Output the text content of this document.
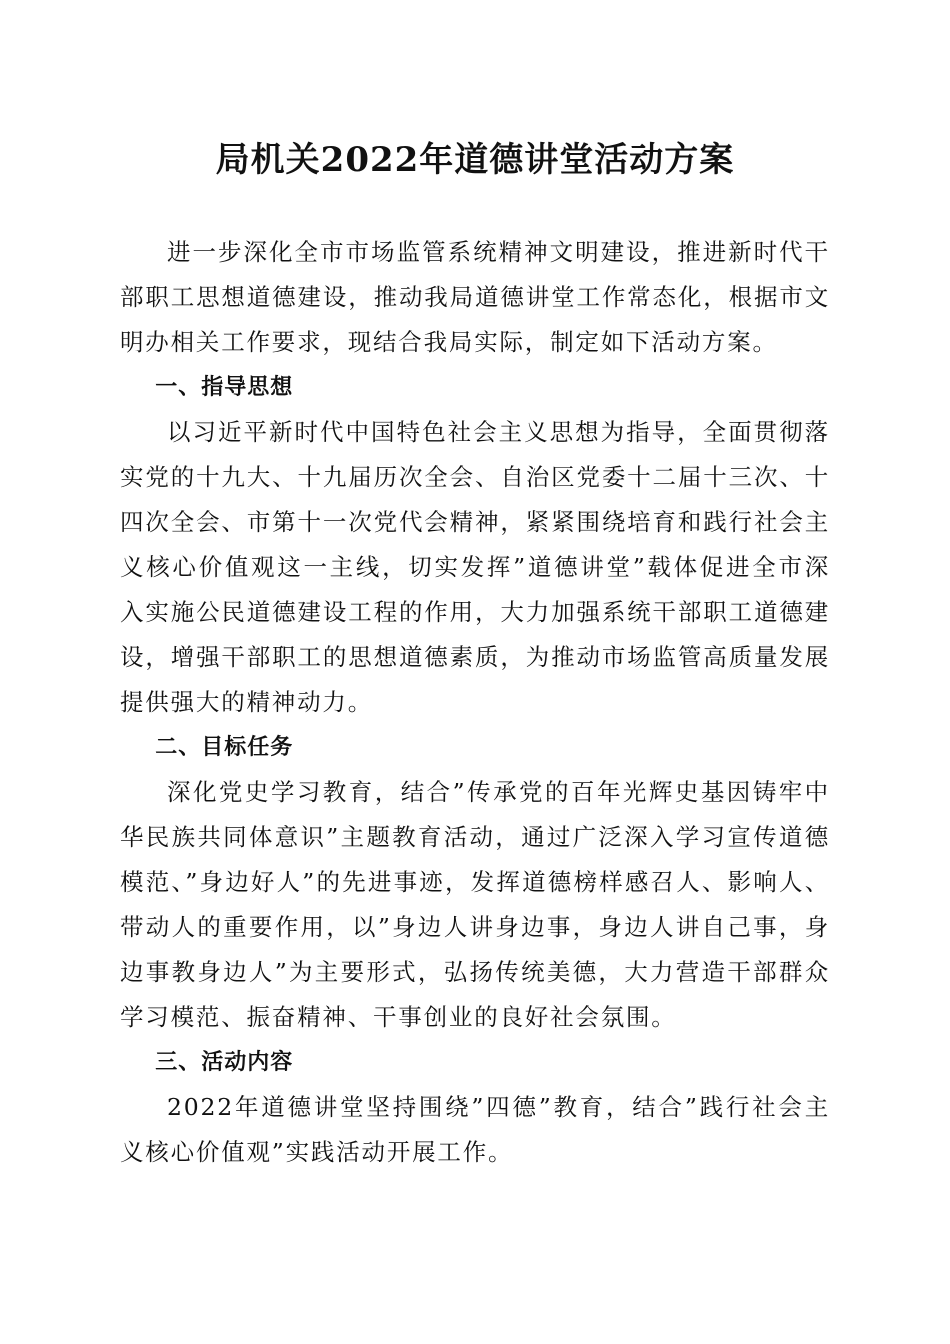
局机关2022年道德讲堂活动方案

进一步深化全市市场监管系统精神文明建设，推进新时代干部职工思想道德建设，推动我局道德讲堂工作常态化，根据市文明办相关工作要求，现结合我局实际，制定如下活动方案。

一、指导思想

以习近平新时代中国特色社会主义思想为指导，全面贯彻落实党的十九大、十九届历次全会、自治区党委十二届十三次、十四次全会、市第十一次党代会精神，紧紧围绕培育和践行社会主义核心价值观这一主线，切实发挥”道德讲堂”载体促进全市深入实施公民道德建设工程的作用，大力加强系统干部职工道德建设，增强干部职工的思想道德素质，为推动市场监管高质量发展提供强大的精神动力。

二、目标任务

深化党史学习教育，结合”传承党的百年光辉史基因铸牢中华民族共同体意识”主题教育活动，通过广泛深入学习宣传道德模范、”身边好人”的先进事迹，发挥道德榜样感召人、影响人、带动人的重要作用，以”身边人讲身边事，身边人讲自己事，身边事教身边人”为主要形式，弘扬传统美德，大力营造干部群众学习模范、振奋精神、干事创业的良好社会氛围。

三、活动内容

2022年道德讲堂坚持围绕”四德”教育，结合”践行社会主义核心价值观”实践活动开展工作。
